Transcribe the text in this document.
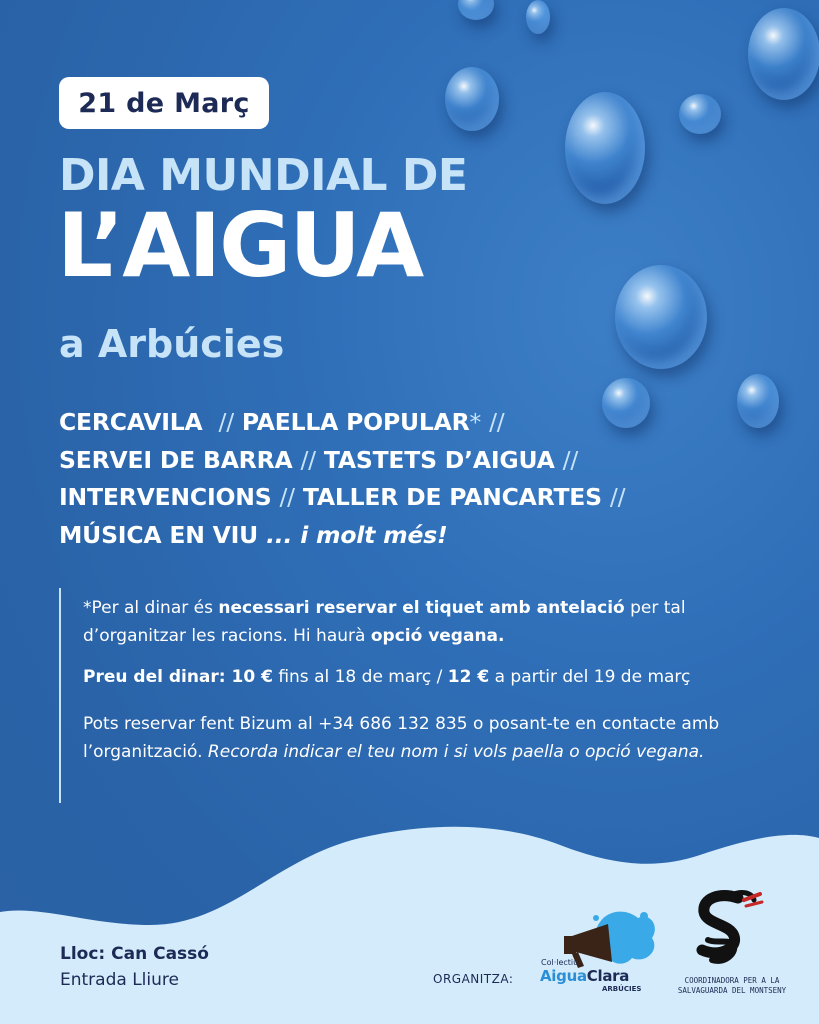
21 de Març
DIA MUNDIAL DE
L’AIGUA
a Arbúcies
CERCAVILA // PAELLA POPULAR* //
SERVEI DE BARRA // TASTETS D’AIGUA //
INTERVENCIONS // TALLER DE PANCARTES //
MÚSICA EN VIU ... i molt més!
*Per al dinar és necessari reservar el tiquet amb antelació per tal d’organitzar les racions. Hi haurà opció vegana.
Preu del dinar: 10 € fins al 18 de març / 12 € a partir del 19 de març
Pots reservar fent Bizum al +34 686 132 835 o posant-te en contacte amb l’organització. Recorda indicar el teu nom i si vols paella o opció vegana.
Lloc: Can Cassó
Entrada Lliure	ORGANITZA:
Col·lectiu
AiguaClara
ARBÚCIES
COORDINADORA PER A LA
SALVAGUARDA DEL MONTSENY
